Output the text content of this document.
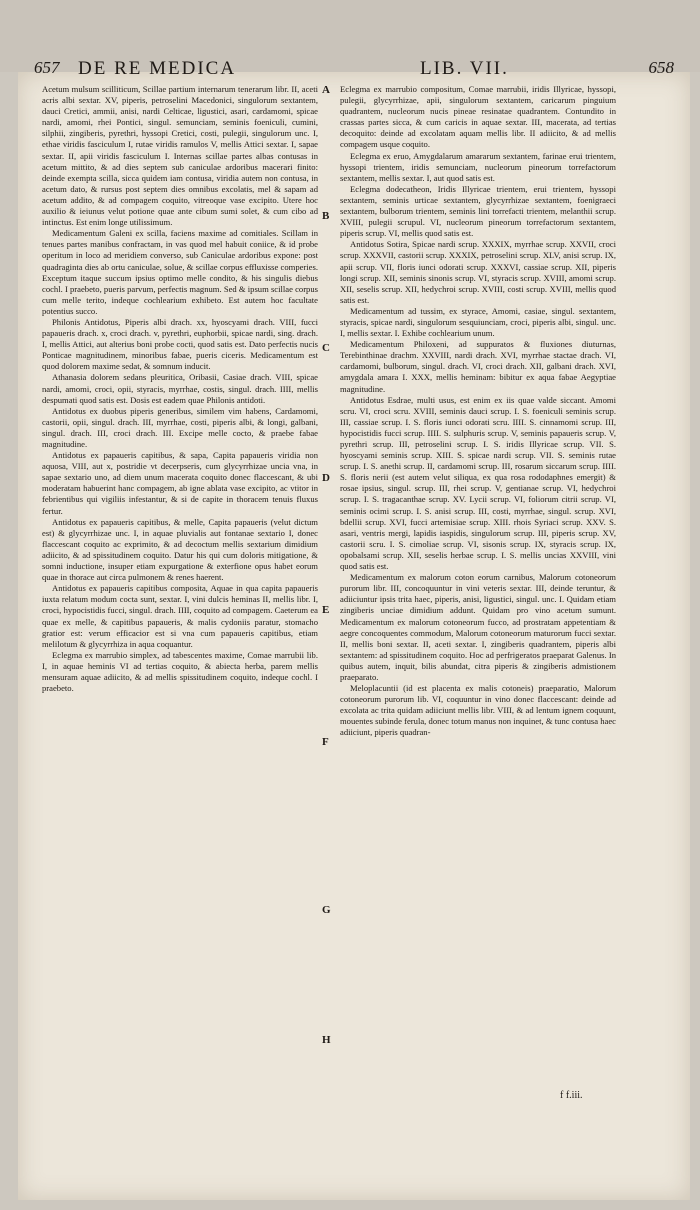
657 DE RE MEDICA	LIB. VII.	658

Acetum mulsum scilliticum, Scillae partium internarum tenerarum libr. II, aceti acris albi sextar. XV, piperis, petroselini Macedonici, singulorum sextantem, dauci Cretici, ammii, anisi, nardi Celticae, ligustici, asari, cardamomi, spicae nardi, amomi, rhei Pontici, singul. semunciam, seminis foeniculi, cumini, silphii, zingiberis, pyrethri, hyssopi Cretici, costi, pulegii, singulorum unc. I, ethae viridis fasciculum I, rutae viridis ramulos V, mellis Attici sextar. I, sapae sextar. II, apii viridis fasciculum I. Internas scillae partes albas contusas in acetum mittito, & ad dies septem sub caniculae ardoribus macerari finito: deinde exempta scilla, sicca quidem iam contusa, viridia autem non contusa, in acetum dato, & rursus post septem dies omnibus excolatis, mel & sapam ad acetum addito, & ad compagem coquito, vitreoque vase excipito. Utere hoc auxilio & ieiunus velut potione quae ante cibum sumi solet, & cum cibo ad intinctus. Est enim longe utilissimum.

Medicamentum Galeni ex scilla, faciens maxime ad comitiales. Scillam in tenues partes manibus confractam, in vas quod mel habuit coniice, & id probe operitum in loco ad meridiem converso, sub Caniculae ardoribus expone: post quadraginta dies ab ortu caniculae, solue, & scillae corpus effluxisse comperies. Exceptum itaque succum ipsius optimo melle condito, & his singulis diebus cochl. I praebeto, pueris parvum, perfectis magnum. Sed & ipsum scillae corpus cum melle terito, indeque cochlearium exhibeto. Est autem hoc facultate potentius succo.

Philonis Antidotus, Piperis albi drach. xx, hyoscyami drach. VIII, fucci papaueris drach. x, croci drach. v, pyrethri, euphorbii, spicae nardi, sing. drach. I, mellis Attici, aut alterius boni probe cocti, quod satis est. Dato perfectis nucis Ponticae magnitudinem, minoribus fabae, pueris ciceris. Medicamentum est quod dolorem maxime sedat, & somnum inducit.

Athanasia dolorem sedans pleuritica, Oribasii, Casiae drach. VIII, spicae nardi, amomi, croci, opii, styracis, myrrhae, costis, singul. drach. IIII, mellis despumati quod satis est. Dosis est eadem quae Philonis antidoti.

Antidotus ex duobus piperis generibus, similem vim habens, Cardamomi, castorii, opii, singul. drach. III, myrrhae, costi, piperis albi, & longi, galbani, singul. drach. III, croci drach. III. Excipe melle cocto, & praebe fabae magnitudine.

Antidotus ex papaueris capitibus, & sapa, Capita papaueris viridia non aquosa, VIII, aut x, postridie vt decerpseris, cum glycyrrhizae uncia vna, in sapae sextario uno, ad diem unum macerata coquito donec flaccescant, & ubi moderatam habuerint hanc compagem, ab igne ablata vase excipito, ac vtitor in febrientibus qui vigiliis infestantur, & si de capite in thoracem tenuis fluxus fertur.

Antidotus ex papaueris capitibus, & melle, Capita papaueris (velut dictum est) & glycyrrhizae unc. I, in aquae pluvialis aut fontanae sextario I, donec flaccescant coquito ac exprimito, & ad decoctum mellis sextarium dimidium adiicito, & ad spissitudinem coquito. Datur his qui cum doloris mitigatione, & somni inductione, insuper etiam expurgatione & exterfione opus habet eorum quae in thorace aut circa pulmonem & renes haerent.

Antidotus ex papaueris capitibus composita, Aquae in qua capita papaueris iuxta relatum modum cocta sunt, sextar. I, vini dulcis heminas II, mellis libr. I, croci, hypocistidis fucci, singul. drach. IIII, coquito ad compagem. Caeterum ea quae ex melle, & capitibus papaueris, & malis cydoniis paratur, stomacho gratior est: verum efficacior est si vna cum papaueris capitibus, etiam melilotum & glycyrrhiza in aqua coquantur.

Eclegma ex marrubio simplex, ad tabescentes maxime, Comae marrubii lib. I, in aquae heminis VI ad tertias coquito, & abiecta herba, parem mellis mensuram aquae adiicito, & ad mellis spissitudinem coquito, indeque cochl. I praebeto.

A
B
C
D
E
F
G
H

Eclegma ex marrubio compositum, Comae marrubii, iridis Illyricae, hyssopi, pulegii, glycyrrhizae, apii, singulorum sextantem, caricarum pinguium quadrantem, nucleorum nucis pineae resinatae quadrantem. Contundito in crassas partes sicca, & cum caricis in aquae sextar. III, macerata, ad tertias decoquito: deinde ad excolatam aquam mellis libr. II adiicito, & ad mellis compagem usque coquito.

Eclegma ex eruo, Amygdalarum amararum sextantem, farinae erui trientem, hyssopi trientem, iridis semunciam, nucleorum pineorum torrefactorum sextantem, mellis sextar. I, aut quod satis est.

Eclegma dodecatheon, Iridis Illyricae trientem, erui trientem, hyssopi sextantem, seminis urticae sextantem, glycyrrhizae sextantem, foenigraeci sextantem, bulborum trientem, seminis lini torrefacti trientem, melanthii scrup. XVIII, pulegii scrupul. VI, nucleorum pineorum torrefactorum sextantem, piperis scrup. VI, mellis quod satis est.

Antidotus Sotira, Spicae nardi scrup. XXXIX, myrrhae scrup. XXVII, croci scrup. XXXVII, castorii scrup. XXXIX, petroselini scrup. XLV, anisi scrup. IX, apii scrup. VII, floris iunci odorati scrup. XXXVI, cassiae scrup. XII, piperis longi scrup. XII, seminis sinonis scrup. VI, styracis scrup. XVIII, amomi scrup. XII, seselis scrup. XII, hedychroi scrup. XVIII, costi scrup. XVIII, mellis quod satis est.

Medicamentum ad tussim, ex styrace, Amomi, casiae, singul. sextantem, styracis, spicae nardi, singulorum sesquiunciam, croci, piperis albi, singul. unc. I, mellis sextar. I. Exhibe cochlearium unum.

Medicamentum Philoxeni, ad suppuratos & fluxiones diuturnas, Terebinthinae drachm. XXVIII, nardi drach. XVI, myrrhae stactae drach. VI, cardamomi, bulborum, singul. drach. VI, croci drach. XII, galbani drach. XVI, amygdala amara I. XXX, mellis heminam: bibitur ex aqua fabae Aegyptiae magnitudine.

Antidotus Esdrae, multi usus, est enim ex iis quae valde siccant. Amomi scru. VI, croci scru. XVIII, seminis dauci scrup. I. S. foeniculi seminis scrup. III, cassiae scrup. I. S. floris iunci odorati scru. IIII. S. cinnamomi scrup. III, hypocistidis fucci scrup. IIII. S. sulphuris scrup. V, seminis papaueris scrup. V, pyrethri scrup. III, petroselini scrup. I. S. iridis Illyricae scrup. VII. S. hyoscyami seminis scrup. XIII. S. spicae nardi scrup. VII. S. seminis rutae scrup. I. S. anethi scrup. II, cardamomi scrup. III, rosarum siccarum scrup. IIII. S. floris nerii (est autem velut siliqua, ex qua rosa rododaphnes emergit) & rosae ipsius, singul. scrup. III, rhei scrup. V, gentianae scrup. VI, hedychroi scrup. I. S. tragacanthae scrup. XV. Lycii scrup. VI, foliorum citrii scrup. VI, seminis ocimi scrup. I. S. anisi scrup. III, costi, myrrhae, singul. scrup. XVI, bdellii scrup. XVI, fucci artemisiae scrup. XIII. rhois Syriaci scrup. XXV. S. asari, ventris mergi, lapidis iaspidis, singulorum scrup. III, piperis scrup. XV, castorii scru. I. S. cimoliae scrup. VI, sisonis scrup. IX, styracis scrup. IX, opobalsami scrup. XII, seselis herbae scrup. I. S. mellis uncias XXVIII, vini quod satis est.

Medicamentum ex malorum coton eorum carnibus, Malorum cotoneorum purorum libr. III, concoquuntur in vini veteris sextar. III, deinde teruntur, & adiiciuntur ipsis trita haec, piperis, anisi, ligustici, singul. unc. I. Quidam etiam zingiberis unciae dimidium addunt. Quidam pro vino acetum sumunt. Medicamentum ex malorum cotoneorum fucco, ad prostratam appetentiam & aegre concoquentes commodum, Malorum cotoneorum maturorum fucci sextar. II, mellis boni sextar. II, aceti sextar. I, zingiberis quadrantem, piperis albi sextantem: ad spissitudinem coquito. Hoc ad perfrigeratos praeparat Galenus. In quibus autem, inquit, bilis abundat, citra piperis & zingiberis admistionem praeparato.

Meloplacuntii (id est placenta ex malis cotoneis) praeparatio, Malorum cotoneorum purorum lib. VI, coquuntur in vino donec flaccescant: deinde ad excolata ac trita quidam adiiciunt mellis libr. VIII, & ad lentum ignem coquunt, mouentes subinde ferula, donec totum manus non inquinet, & tunc contusa haec adiiciunt, piperis quadran-

f f.iii.
